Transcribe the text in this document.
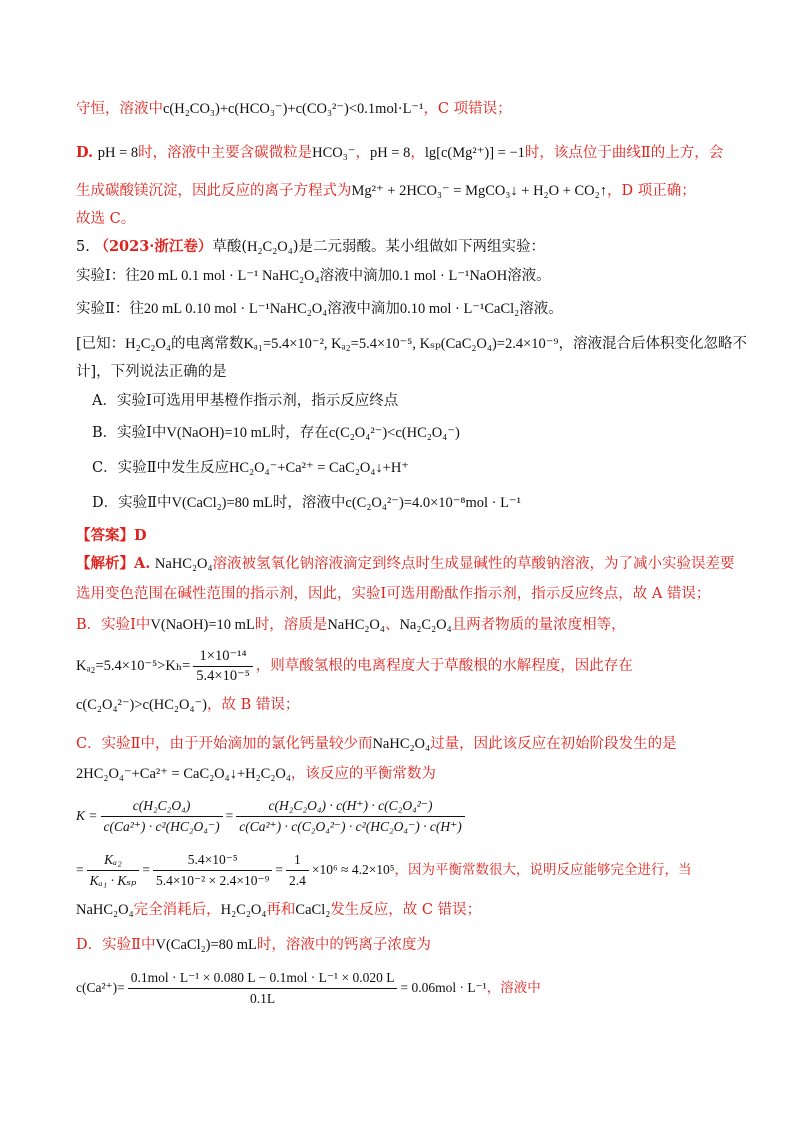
守恒，溶液中c(H₂CO₃)+c(HCO₃⁻)+c(CO₃²⁻)<0.1mol·L⁻¹，C 项错误；
D. pH = 8时，溶液中主要含碳微粒是HCO₃⁻，pH = 8，lg[c(Mg²⁺)] = −1时，该点位于曲线Ⅱ的上方，会
生成碳酸镁沉淀，因此反应的离子方程式为Mg²⁺ + 2HCO₃⁻ = MgCO₃↓ + H₂O + CO₂↑，D 项正确；
故选 C。
5. （2023·浙江卷）草酸(H₂C₂O₄)是二元弱酸。某小组做如下两组实验：
实验Ⅰ：往20 mL 0.1 mol · L⁻¹ NaHC₂O₄溶液中滴加0.1 mol · L⁻¹NaOH溶液。
实验Ⅱ：往20 mL 0.10 mol · L⁻¹NaHC₂O₄溶液中滴加0.10 mol · L⁻¹CaCl₂溶液。
[已知：H₂C₂O₄的电离常数Kₐ₁=5.4×10⁻², Kₐ₂=5.4×10⁻⁵, Kₛₚ(CaC₂O₄)=2.4×10⁻⁹，溶液混合后体积变化忽略不
计]，下列说法正确的是
A．实验Ⅰ可选用甲基橙作指示剂，指示反应终点
B．实验Ⅰ中V(NaOH)=10 mL时，存在c(C₂O₄²⁻)<c(HC₂O₄⁻)
C．实验Ⅱ中发生反应HC₂O₄⁻+Ca²⁺ = CaC₂O₄↓+H⁺
D．实验Ⅱ中V(CaCl₂)=80 mL时，溶液中c(C₂O₄²⁻)=4.0×10⁻⁸mol · L⁻¹
【答案】D
【解析】A. NaHC₂O₄溶液被氢氧化钠溶液滴定到终点时生成显碱性的草酸钠溶液，为了减小实验误差要
选用变色范围在碱性范围的指示剂，因此，实验Ⅰ可选用酚酞作指示剂，指示反应终点，故 A 错误；
B．实验Ⅰ中V(NaOH)=10 mL时，溶质是NaHC₂O₄、Na₂C₂O₄且两者物质的量浓度相等，
$K_{a2}=5.4\times 10^{-5}>K_h= \frac{\text{1×10⁻¹⁴}}{\text{5.4×10⁻⁵}}$ ，则草酸氢根的电离程度大于草酸根的水解程度，因此存在
c(C₂O₄²⁻)>c(HC₂O₄⁻)，故 B 错误；
C．实验Ⅱ中，由于开始滴加的氯化钙量较少而NaHC₂O₄过量，因此该反应在初始阶段发生的是
2HC₂O₄⁻+Ca²⁺ = CaC₂O₄↓+H₂C₂O₄，该反应的平衡常数为
$K = \frac{\text{c(H₂C₂O₄)}}{\text{c(Ca²⁺) · c²(HC₂O₄⁻)}} = \frac{\text{c(H₂C₂O₄) · c(H⁺) · c(C₂O₄²⁻)}}{\text{c(Ca²⁺) · c(C₂O₄²⁻) · c²(HC₂O₄⁻) · c(H⁺)}}$
= $\frac{\text{Kₐ₂}}{\text{Kₐ₁ · Kₛₚ}} = \frac{\text{5.4×10⁻⁵}}{\text{5.4×10⁻² × 2.4×10⁻⁹}} = \frac{1}{2.4} \times 10^6 \approx 4.2\times 10^5$，因为平衡常数很大，说明反应能够完全进行，当
NaHC₂O₄完全消耗后，H₂C₂O₄再和CaCl₂发生反应，故 C 错误；
D．实验Ⅱ中V(CaCl₂)=80 mL时，溶液中的钙离子浓度为
$c(Ca^{2+})= \frac{\text{0.1mol · L⁻¹ × 0.080 L − 0.1mol · L⁻¹ × 0.020 L}}{0.1L} = 0.06mol \cdot L^{-1}$，溶液中
